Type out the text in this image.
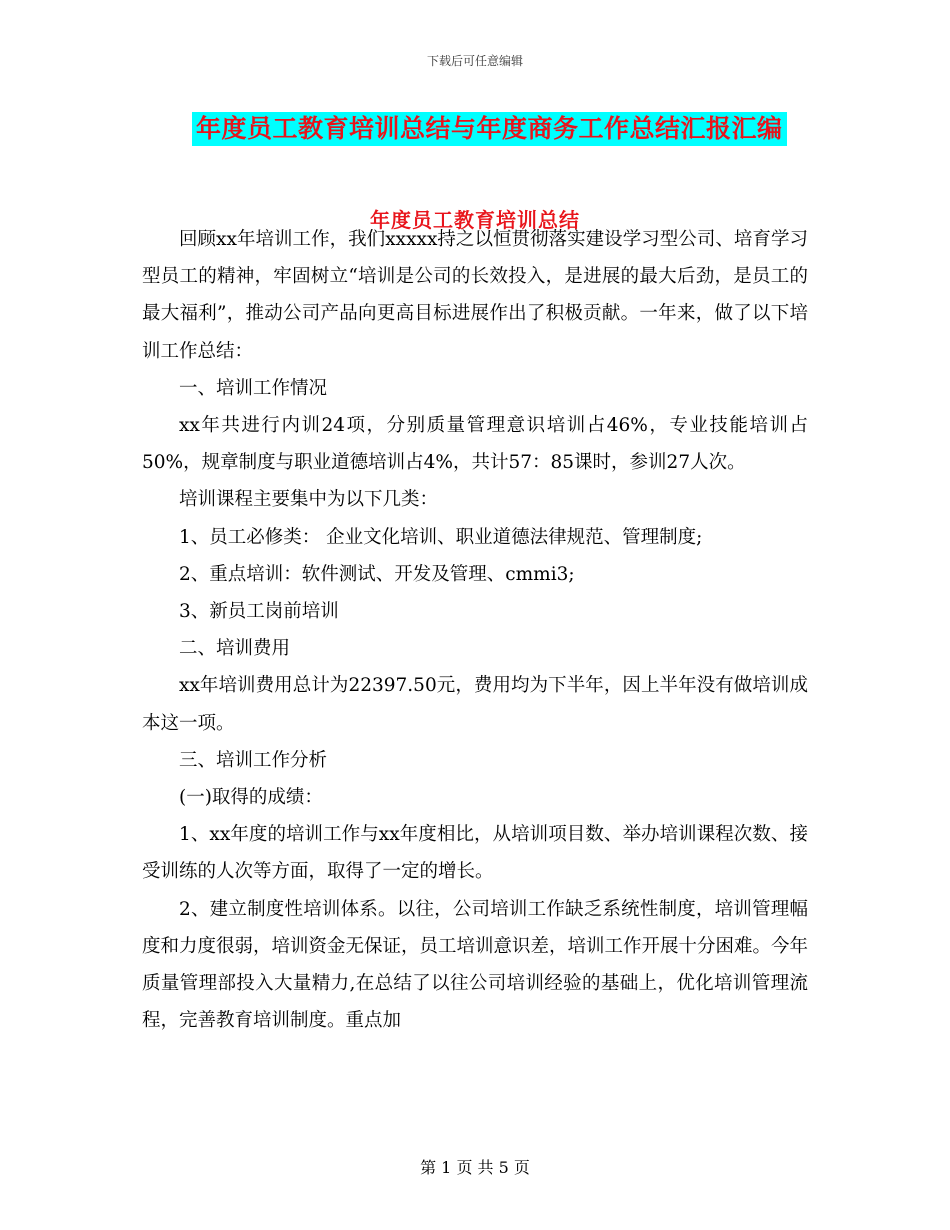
下载后可任意编辑
年度员工教育培训总结与年度商务工作总结汇报汇编
年度员工教育培训总结

回顾xx年培训工作，我们xxxxx持之以恒贯彻落实建设学习型公司、培育学习型员工的精神，牢固树立“培训是公司的长效投入，是进展的最大后劲，是员工的最大福利”，推动公司产品向更高目标进展作出了积极贡献。一年来，做了以下培训工作总结：

一、培训工作情况

xx年共进行内训24项，分别质量管理意识培训占46%，专业技能培训占50%，规章制度与职业道德培训占4%，共计57：85课时，参训27人次。

培训课程主要集中为以下几类：

1、员工必修类： 企业文化培训、职业道德法律规范、管理制度;

2、重点培训：软件测试、开发及管理、cmmi3;

3、新员工岗前培训

二、培训费用

xx年培训费用总计为22397.50元，费用均为下半年，因上半年没有做培训成本这一项。

三、培训工作分析

(一)取得的成绩：

1、xx年度的培训工作与xx年度相比，从培训项目数、举办培训课程次数、接受训练的人次等方面，取得了一定的增长。

2、建立制度性培训体系。以往，公司培训工作缺乏系统性制度，培训管理幅度和力度很弱，培训资金无保证，员工培训意识差，培训工作开展十分困难。今年质量管理部投入大量精力,在总结了以往公司培训经验的基础上，优化培训管理流程，完善教育培训制度。重点加

第 1 页 共 5 页
